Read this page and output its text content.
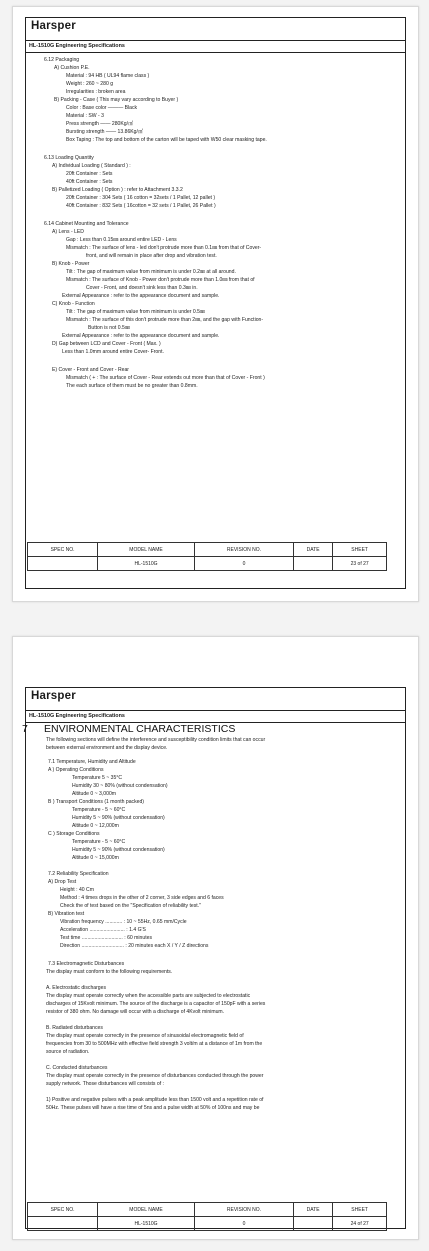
Harsper
HL-1510G Engineering Specifications
6.12 Packaging
A) Cushion P.E.
Material : 94 HB ( UL94 flame class )
Weight : 260 ~ 280 g
Irregularities : broken area
B) Packing - Case ( This may vary according to Buyer )
Color : Base color ——— Black
Material : SW - 3
Press strength —— 280Kg/㎠
Bursting strength —— 13.86Kg/㎠
Box Taping : The top and bottom of the carton will be taped with W50 clear masking tape.
6.13 Loading Quantity
A) Individual Loading ( Standard ) :
20ft Container : Sets
40ft Container : Sets
B) Palletized Loading ( Option ) : refer to Attachment 3.3.2
20ft Container : 304 Sets ( 16 cotton = 32sets / 1 Pallet, 12 pallet )
40ft Container : 832 Sets ( 16cotton = 32 sets / 1 Pallet, 26 Pallet )
6.14 Cabinet Mounting and Tolerance
A) Lens - LED
Gap : Less than 0.15㎜ around entire LED - Lens
Mismatch : The surface of lens - led don't protrude more than 0.1㎜ from that of Cover-
front, and will remain in place after drop and vibration test.
B) Knob - Power
Tilt : The gap of maximum value from minimum is under 0.2㎜ at all around.
Mismatch : The surface of Knob - Power don't protrude more than 1.0㎜ from that of
Cover - Front, and doesn't sink less than 0.3㎜ in.
External Appearance : refer to the appearance document and sample.
C) Knob - Function
Tilt : The gap of maximum value from minimum is under 0.5㎜
Mismatch : The surface of this don't protrude more than 2㎜, and the gap with Function-
Button is not 0.5㎜
External Appearance : refer to the appearance document and sample.
D) Gap between LCD and Cover - Front ( Max. )
Less than 1.0mm around entire Cover- Front.
E) Cover - Front and Cover - Rear
Mismatch ( + : The surface of Cover - Rear extends out more than that of Cover - Front )
The each surface of them must be no greater than 0.8mm.
SPEC NO.	MODEL NAME	REVISION NO.	DATE	SHEET
	HL-1510G	0		23 of 27
Harsper
HL-1510G Engineering Specifications
7 ENVIRONMENTAL CHARACTERISTICS
The following sections will define the interference and susceptibility condition limits that can occur
between external environment and the display device.
7.1 Temperature, Humidity and Altitude
A ) Operating Conditions
Temperature 5 ~ 35°C
Humidity 30 ~ 80% (without condensation)
Altitude 0 ~ 3,000m
B ) Transport Conditions (1 month packed)
Temperature - 5 ~ 60°C
Humidity 5 ~ 90% (without condensation)
Altitude 0 ~ 12,000m
C ) Storage Conditions
Temperature - 5 ~ 60°C
Humidity 5 ~ 90% (without condensation)
Altitude 0 ~ 15,000m
7.2 Reliability Specification
A) Drop Test
Height : 40 Cm
Method : 4 times drops in the other of 2 corner, 3 side edges and 6 faces
Check the of test based on the "Specification of reliability test."
B) Vibration test
Vibration frequency ............ : 10 ~ 55Hz, 0.65 mm/Cycle
Acceleration ......................... : 1.4 G'S
Test time ............................. : 60 minutes
Direction .............................. : 20 minutes each X / Y / Z directions
7.3 Electromagnetic Disturbances
The display must conform to the following requirements.
A. Electrostatic discharges
The display must operate correctly when the accessible parts are subjected to electrostatic
discharges of 15Kvolt minimum. The source of the discharge is a capacitor of 150pF with a series
resistor of 380 ohm. No damage will occur with a discharge of 4Kvolt minimum.
B. Radiated disturbances
The display must operate correctly in the presence of sinusoidal electromagnetic field of
frequencies from 30 to 500MHz with effective field strength 3 volt/m at a distance of 1m from the
source of radiation.
C. Conducted disturbances
The display must operate correctly in the presence of disturbances conducted through the power
supply network. Those disturbances will consists of :
1) Positive and negative pulses with a peak amplitude less than 1500 volt and a repetition rate of
50Hz. These pulses will have a rise time of 5ns and a pulse width at 50% of 100ns and may be
SPEC NO.	MODEL NAME	REVISION NO.	DATE	SHEET
	HL-1510G	0		24 of 27
